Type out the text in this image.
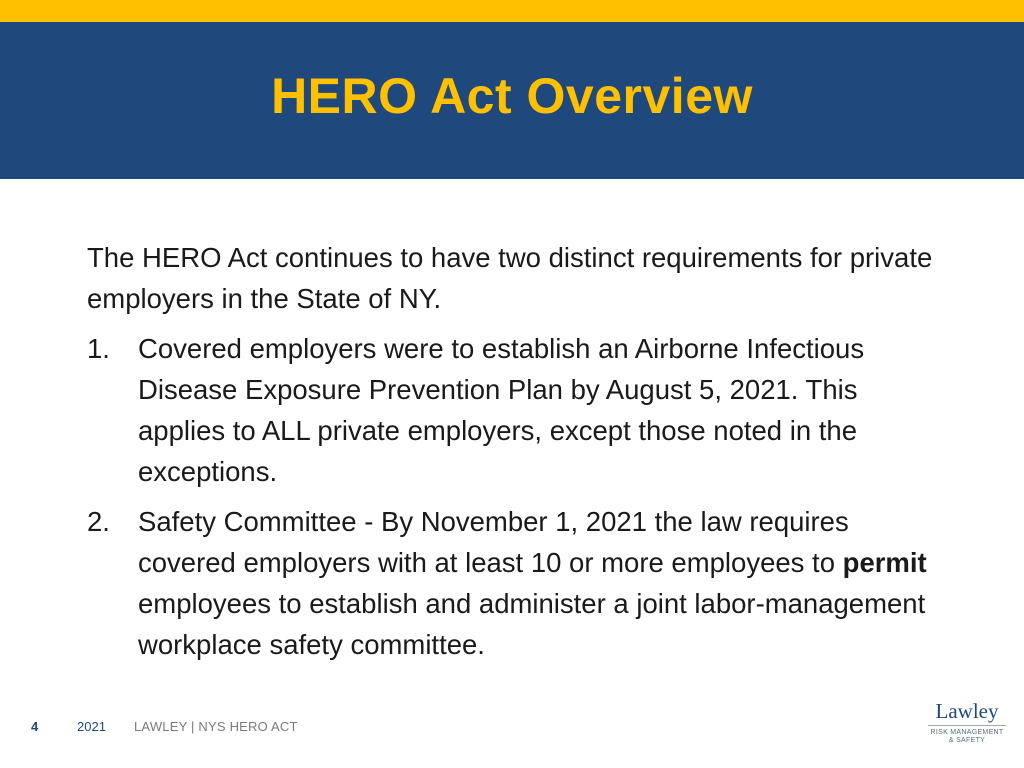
HERO Act Overview

The HERO Act continues to have two distinct requirements for private employers in the State of NY.

1. Covered employers were to establish an Airborne Infectious Disease Exposure Prevention Plan by August 5, 2021. This applies to ALL private employers, except those noted in the exceptions.
2. Safety Committee - By November 1, 2021 the law requires covered employers with at least 10 or more employees to permit employees to establish and administer a joint labor-management workplace safety committee.
4	2021 LAWLEY | NYS HERO ACT
Lawley
RISK MANAGEMENT
& SAFETY
